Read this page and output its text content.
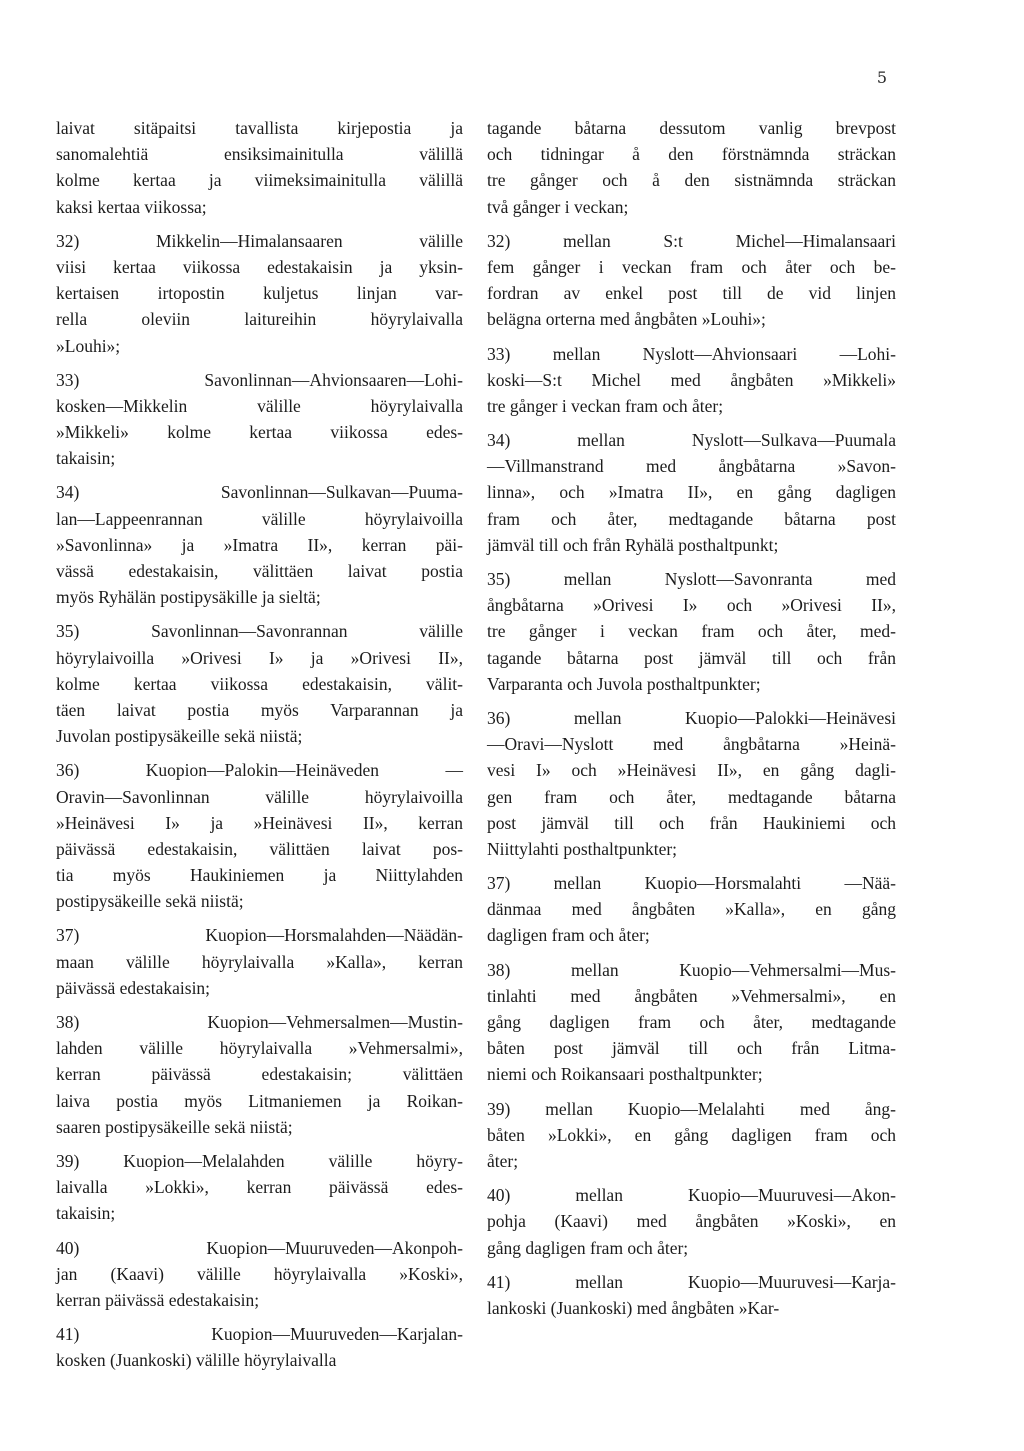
5
laivat sitäpaitsi tavallista kirjepostia ja
sanomalehtiä ensiksimainitulla välillä
kolme kertaa ja viimeksimainitulla välillä
kaksi kertaa viikossa;
32) Mikkelin—Himalansaaren välille
viisi kertaa viikossa edestakaisin ja yksin-
kertaisen irtopostin kuljetus linjan var-
rella oleviin laitureihin höyrylaivalla
»Louhi»;
33) Savonlinnan—Ahvionsaaren—Lohi-
kosken—Mikkelin välille höyrylaivalla
»Mikkeli» kolme kertaa viikossa edes-
takaisin;
34) Savonlinnan—Sulkavan—Puuma-
lan—Lappeenrannan välille höyrylaivoilla
»Savonlinna» ja »Imatra II», kerran päi-
vässä edestakaisin, välittäen laivat postia
myös Ryhälän postipysäkille ja sieltä;
35) Savonlinnan—Savonrannan välille
höyrylaivoilla »Orivesi I» ja »Orivesi II»,
kolme kertaa viikossa edestakaisin, välit-
täen laivat postia myös Varparannan ja
Juvolan postipysäkeille sekä niistä;
36) Kuopion—Palokin—Heinäveden —
Oravin—Savonlinnan välille höyrylaivoilla
»Heinävesi I» ja »Heinävesi II», kerran
päivässä edestakaisin, välittäen laivat pos-
tia myös Haukiniemen ja Niittylahden
postipysäkeille sekä niistä;
37) Kuopion—Horsmalahden—Näädän-
maan välille höyrylaivalla »Kalla», kerran
päivässä edestakaisin;
38) Kuopion—Vehmersalmen—Mustin-
lahden välille höyrylaivalla »Vehmersalmi»,
kerran päivässä edestakaisin; välittäen
laiva postia myös Litmaniemen ja Roikan-
saaren postipysäkeille sekä niistä;
39) Kuopion—Melalahden välille höyry-
laivalla »Lokki», kerran päivässä edes-
takaisin;
40) Kuopion—Muuruveden—Akonpoh-
jan (Kaavi) välille höyrylaivalla »Koski»,
kerran päivässä edestakaisin;
41) Kuopion—Muuruveden—Karjalan-
kosken (Juankoski) välille höyrylaivalla
tagande båtarna dessutom vanlig brevpost
och tidningar å den förstnämnda sträckan
tre gånger och å den sistnämnda sträckan
två gånger i veckan;
32) mellan S:t Michel—Himalansaari
fem gånger i veckan fram och åter och be-
fordran av enkel post till de vid linjen
belägna orterna med ångbåten »Louhi»;
33) mellan Nyslott—Ahvionsaari —Lohi-
koski—S:t Michel med ångbåten »Mikkeli»
tre gånger i veckan fram och åter;
34) mellan Nyslott—Sulkava—Puumala
—Villmanstrand med ångbåtarna »Savon-
linna», och »Imatra II», en gång dagligen
fram och åter, medtagande båtarna post
jämväl till och från Ryhälä posthaltpunkt;
35) mellan Nyslott—Savonranta med
ångbåtarna »Orivesi I» och »Orivesi II»,
tre gånger i veckan fram och åter, med-
tagande båtarna post jämväl till och från
Varparanta och Juvola posthaltpunkter;
36) mellan Kuopio—Palokki—Heinävesi
—Oravi—Nyslott med ångbåtarna »Heinä-
vesi I» och »Heinävesi II», en gång dagli-
gen fram och åter, medtagande båtarna
post jämväl till och från Haukiniemi och
Niittylahti posthaltpunkter;
37) mellan Kuopio—Horsmalahti —Nää-
dänmaa med ångbåten »Kalla», en gång
dagligen fram och åter;
38) mellan Kuopio—Vehmersalmi—Mus-
tinlahti med ångbåten »Vehmersalmi», en
gång dagligen fram och åter, medtagande
båten post jämväl till och från Litma-
niemi och Roikansaari posthaltpunkter;
39) mellan Kuopio—Melalahti med ång-
båten »Lokki», en gång dagligen fram och
åter;
40) mellan Kuopio—Muuruvesi—Akon-
pohja (Kaavi) med ångbåten »Koski», en
gång dagligen fram och åter;
41) mellan Kuopio—Muuruvesi—Karja-
lankoski (Juankoski) med ångbåten »Kar-
